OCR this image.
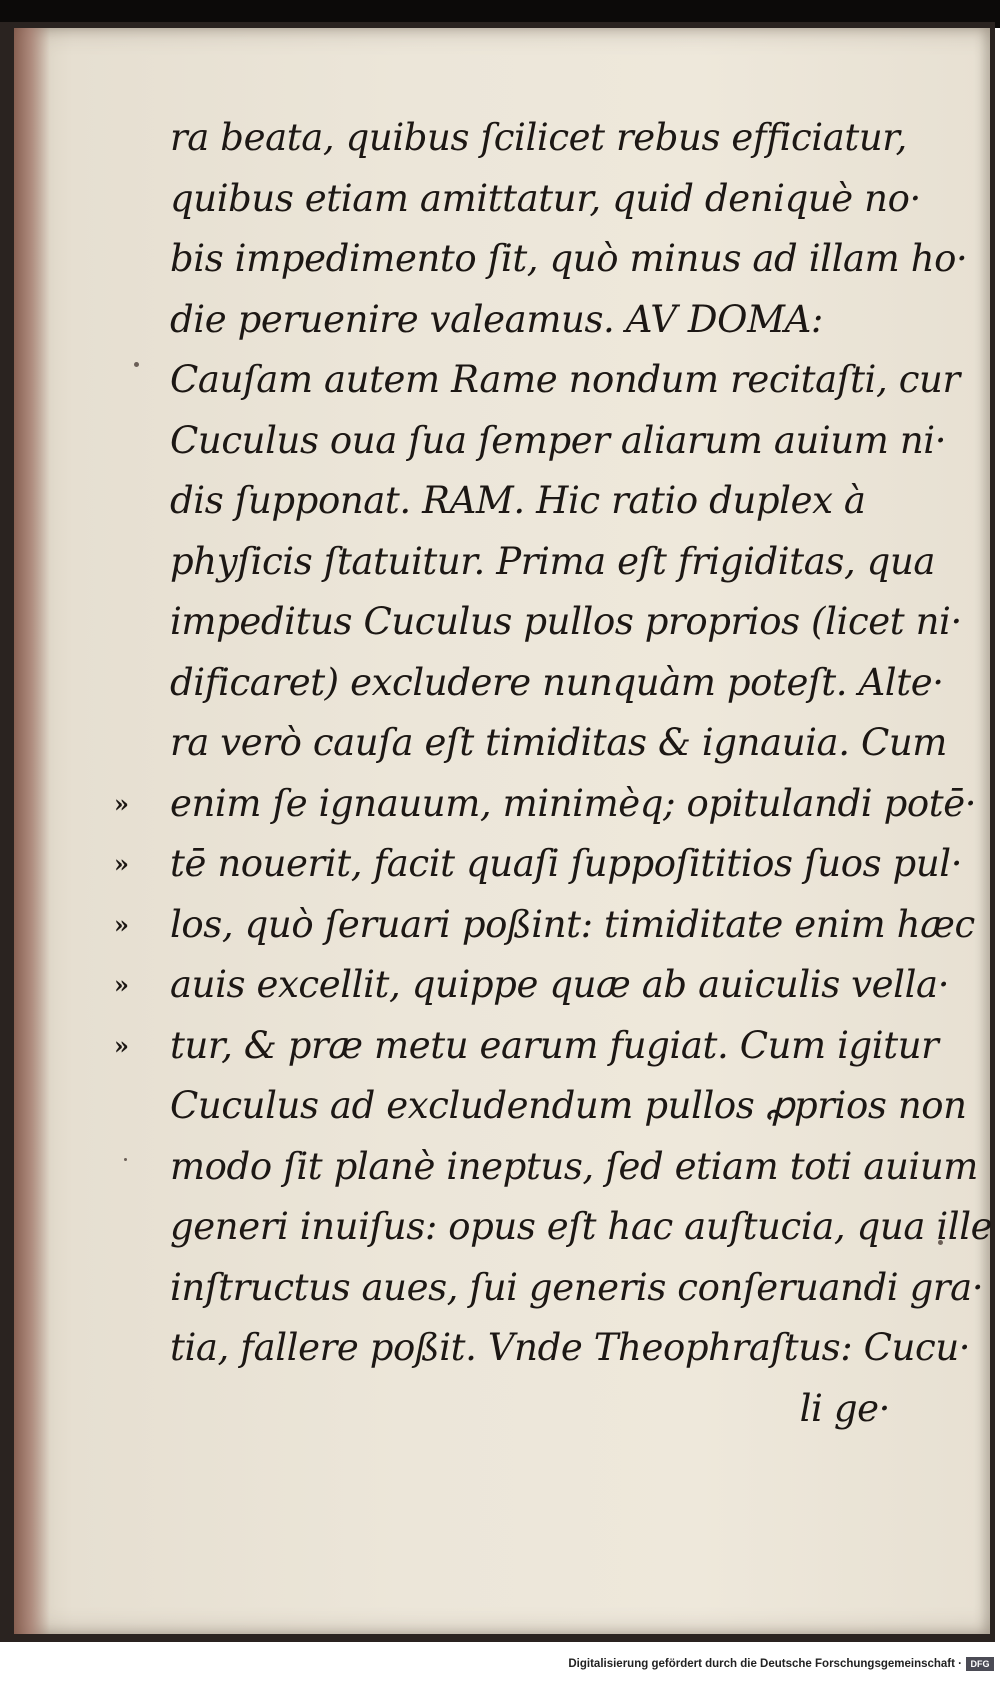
ra beata, quibus ſcilicet rebus efficiatur,
quibus etiam amittatur, quid deniquè no·
bis impedimento ſit, quò minus ad illam ho·
die peruenire valeamus. AV DOMA:
Cauſam autem Rame nondum recitaſti, cur
Cuculus oua ſua ſemper aliarum auium ni·
dis ſupponat. RAM. Hic ratio duplex à
phyſicis ſtatuitur. Prima eſt frigiditas, qua
impeditus Cuculus pullos proprios (licet ni·
dificaret) excludere nunquàm poteſt. Alte·
ra verò cauſa eſt timiditas & ignauia. Cum
» enim ſe ignauum, minimèq; opitulandi potē·
» tē nouerit, facit quaſi ſuppoſititios ſuos pul·
» los, quò ſeruari poßint: timiditate enim hæc
» auis excellit, quippe quæ ab auiculis vella·
» tur, & præ metu earum fugiat. Cum igitur
Cuculus ad excludendum pullos ꝓprios non
modo ſit planè ineptus, ſed etiam toti auium
generi inuiſus: opus eſt hac auſtucia, qua ille
inſtructus aues, ſui generis conſeruandi gra·
tia, fallere poßit. Vnde Theophraſtus: Cucu·
li ge·
Digitalisierung gefördert durch die Deutsche Forschungsgemeinschaft · DFG
